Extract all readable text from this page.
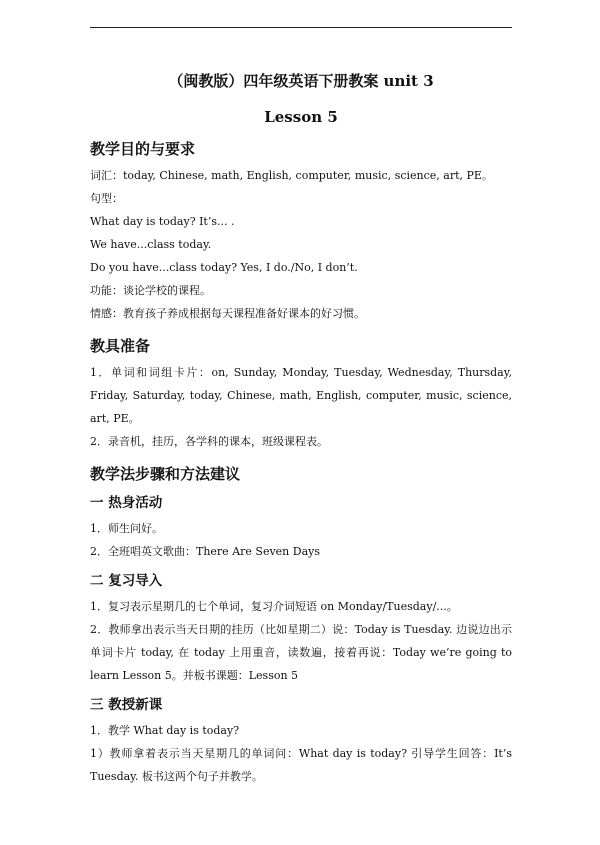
（闽教版）四年级英语下册教案 unit 3
Lesson 5
教学目的与要求

词汇：today, Chinese, math, English, computer, music, science, art, PE。

句型：

What day is today? It’s... .

We have...class today.

Do you have...class today? Yes, I do./No, I don’t.

功能：谈论学校的课程。

情感：教育孩子养成根据每天课程准备好课本的好习惯。

教具准备

1．单词和词组卡片：on, Sunday, Monday, Tuesday, Wednesday, Thursday, Friday, Saturday, today, Chinese, math, English, computer, music, science, art, PE。

2．录音机，挂历，各学科的课本，班级课程表。

教学法步骤和方法建议
一 热身活动

1．师生问好。

2．全班唱英文歌曲：There Are Seven Days

二 复习导入

1．复习表示星期几的七个单词，复习介词短语 on Monday/Tuesday/...。

2．教师拿出表示当天日期的挂历（比如星期二）说：Today is Tuesday. 边说边出示单词卡片 today, 在 today 上用重音，读数遍，接着再说：Today we’re going to learn Lesson 5。并板书课题：Lesson 5

三 教授新课

1．教学 What day is today?

1）教师拿着表示当天星期几的单词问：What day is today? 引导学生回答：It’s Tuesday. 板书这两个句子并教学。
